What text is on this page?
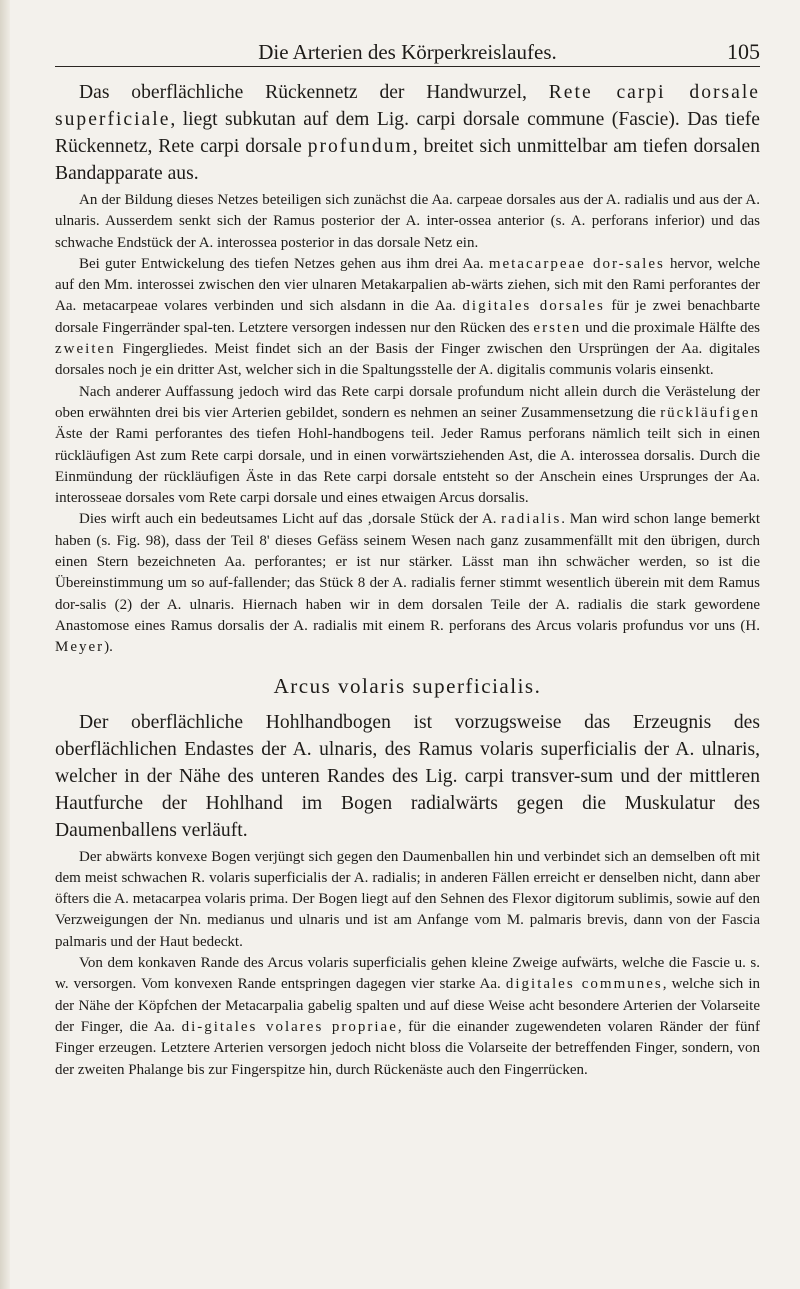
Die Arterien des Körperkreislaufes.	105

Das oberflächliche Rückennetz der Handwurzel, Rete carpi dorsale superficiale, liegt subkutan auf dem Lig. carpi dorsale commune (Fascie). Das tiefe Rückennetz, Rete carpi dorsale profundum, breitet sich unmittelbar am tiefen dorsalen Bandapparate aus.

An der Bildung dieses Netzes beteiligen sich zunächst die Aa. carpeae dorsales aus der A. radialis und aus der A. ulnaris. Ausserdem senkt sich der Ramus posterior der A. inter-ossea anterior (s. A. perforans inferior) und das schwache Endstück der A. interossea posterior in das dorsale Netz ein.

Bei guter Entwickelung des tiefen Netzes gehen aus ihm drei Aa. metacarpeae dor-sales hervor, welche auf den Mm. interossei zwischen den vier ulnaren Metakarpalien ab-wärts ziehen, sich mit den Rami perforantes der Aa. metacarpeae volares verbinden und sich alsdann in die Aa. digitales dorsales für je zwei benachbarte dorsale Fingerränder spal-ten. Letztere versorgen indessen nur den Rücken des ersten und die proximale Hälfte des zweiten Fingergliedes. Meist findet sich an der Basis der Finger zwischen den Ursprüngen der Aa. digitales dorsales noch je ein dritter Ast, welcher sich in die Spaltungsstelle der A. digitalis communis volaris einsenkt.

Nach anderer Auffassung jedoch wird das Rete carpi dorsale profundum nicht allein durch die Verästelung der oben erwähnten drei bis vier Arterien gebildet, sondern es nehmen an seiner Zusammensetzung die rückläufigen Äste der Rami perforantes des tiefen Hohl-handbogens teil. Jeder Ramus perforans nämlich teilt sich in einen rückläufigen Ast zum Rete carpi dorsale, und in einen vorwärtsziehenden Ast, die A. interossea dorsalis. Durch die Einmündung der rückläufigen Äste in das Rete carpi dorsale entsteht so der Anschein eines Ursprunges der Aa. interosseae dorsales vom Rete carpi dorsale und eines etwaigen Arcus dorsalis.

Dies wirft auch ein bedeutsames Licht auf das ‚dorsale Stück der A. radialis. Man wird schon lange bemerkt haben (s. Fig. 98), dass der Teil 8' dieses Gefäss seinem Wesen nach ganz zusammenfällt mit den übrigen, durch einen Stern bezeichneten Aa. perforantes; er ist nur stärker. Lässt man ihn schwächer werden, so ist die Übereinstimmung um so auf-fallender; das Stück 8 der A. radialis ferner stimmt wesentlich überein mit dem Ramus dor-salis (2) der A. ulnaris. Hiernach haben wir in dem dorsalen Teile der A. radialis die stark gewordene Anastomose eines Ramus dorsalis der A. radialis mit einem R. perforans des Arcus volaris profundus vor uns (H. Meyer).

Arcus volaris superficialis.

Der oberflächliche Hohlhandbogen ist vorzugsweise das Erzeugnis des oberflächlichen Endastes der A. ulnaris, des Ramus volaris superficialis der A. ulnaris, welcher in der Nähe des unteren Randes des Lig. carpi transver-sum und der mittleren Hautfurche der Hohlhand im Bogen radialwärts gegen die Muskulatur des Daumenballens verläuft.

Der abwärts konvexe Bogen verjüngt sich gegen den Daumenballen hin und verbindet sich an demselben oft mit dem meist schwachen R. volaris superficialis der A. radialis; in anderen Fällen erreicht er denselben nicht, dann aber öfters die A. metacarpea volaris prima. Der Bogen liegt auf den Sehnen des Flexor digitorum sublimis, sowie auf den Verzweigungen der Nn. medianus und ulnaris und ist am Anfange vom M. palmaris brevis, dann von der Fascia palmaris und der Haut bedeckt.

Von dem konkaven Rande des Arcus volaris superficialis gehen kleine Zweige aufwärts, welche die Fascie u. s. w. versorgen. Vom konvexen Rande entspringen dagegen vier starke Aa. digitales communes, welche sich in der Nähe der Köpfchen der Metacarpalia gabelig spalten und auf diese Weise acht besondere Arterien der Volarseite der Finger, die Aa. di-gitales volares propriae, für die einander zugewendeten volaren Ränder der fünf Finger erzeugen. Letztere Arterien versorgen jedoch nicht bloss die Volarseite der betreffenden Finger, sondern, von der zweiten Phalange bis zur Fingerspitze hin, durch Rückenäste auch den Fingerrücken.
